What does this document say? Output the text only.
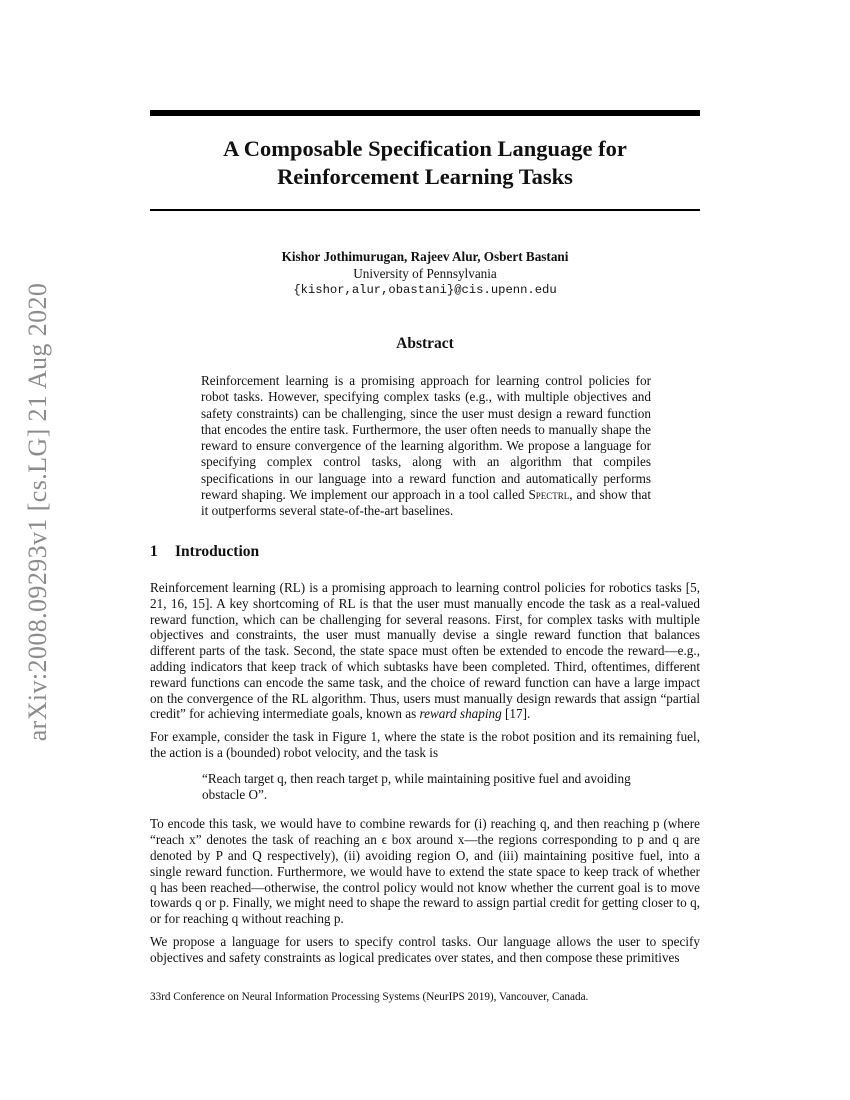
arXiv:2008.09293v1 [cs.LG] 21 Aug 2020
A Composable Specification Language for
Reinforcement Learning Tasks
Kishor Jothimurugan, Rajeev Alur, Osbert Bastani
University of Pennsylvania
{kishor,alur,obastani}@cis.upenn.edu
Abstract
Reinforcement learning is a promising approach for learning control policies for robot tasks. However, specifying complex tasks (e.g., with multiple objectives and safety constraints) can be challenging, since the user must design a reward function that encodes the entire task. Furthermore, the user often needs to manually shape the reward to ensure convergence of the learning algorithm. We propose a language for specifying complex control tasks, along with an algorithm that compiles specifications in our language into a reward function and automatically performs reward shaping. We implement our approach in a tool called Spectrl, and show that it outperforms several state-of-the-art baselines.
1 Introduction

Reinforcement learning (RL) is a promising approach to learning control policies for robotics tasks [5, 21, 16, 15]. A key shortcoming of RL is that the user must manually encode the task as a real-valued reward function, which can be challenging for several reasons. First, for complex tasks with multiple objectives and constraints, the user must manually devise a single reward function that balances different parts of the task. Second, the state space must often be extended to encode the reward—e.g., adding indicators that keep track of which subtasks have been completed. Third, oftentimes, different reward functions can encode the same task, and the choice of reward function can have a large impact on the convergence of the RL algorithm. Thus, users must manually design rewards that assign “partial credit” for achieving intermediate goals, known as reward shaping [17].

For example, consider the task in Figure 1, where the state is the robot position and its remaining fuel, the action is a (bounded) robot velocity, and the task is

“Reach target q, then reach target p, while maintaining positive fuel and avoiding obstacle O”.

To encode this task, we would have to combine rewards for (i) reaching q, and then reaching p (where “reach x” denotes the task of reaching an ϵ box around x—the regions corresponding to p and q are denoted by P and Q respectively), (ii) avoiding region O, and (iii) maintaining positive fuel, into a single reward function. Furthermore, we would have to extend the state space to keep track of whether q has been reached—otherwise, the control policy would not know whether the current goal is to move towards q or p. Finally, we might need to shape the reward to assign partial credit for getting closer to q, or for reaching q without reaching p.

We propose a language for users to specify control tasks. Our language allows the user to specify objectives and safety constraints as logical predicates over states, and then compose these primitives

33rd Conference on Neural Information Processing Systems (NeurIPS 2019), Vancouver, Canada.
